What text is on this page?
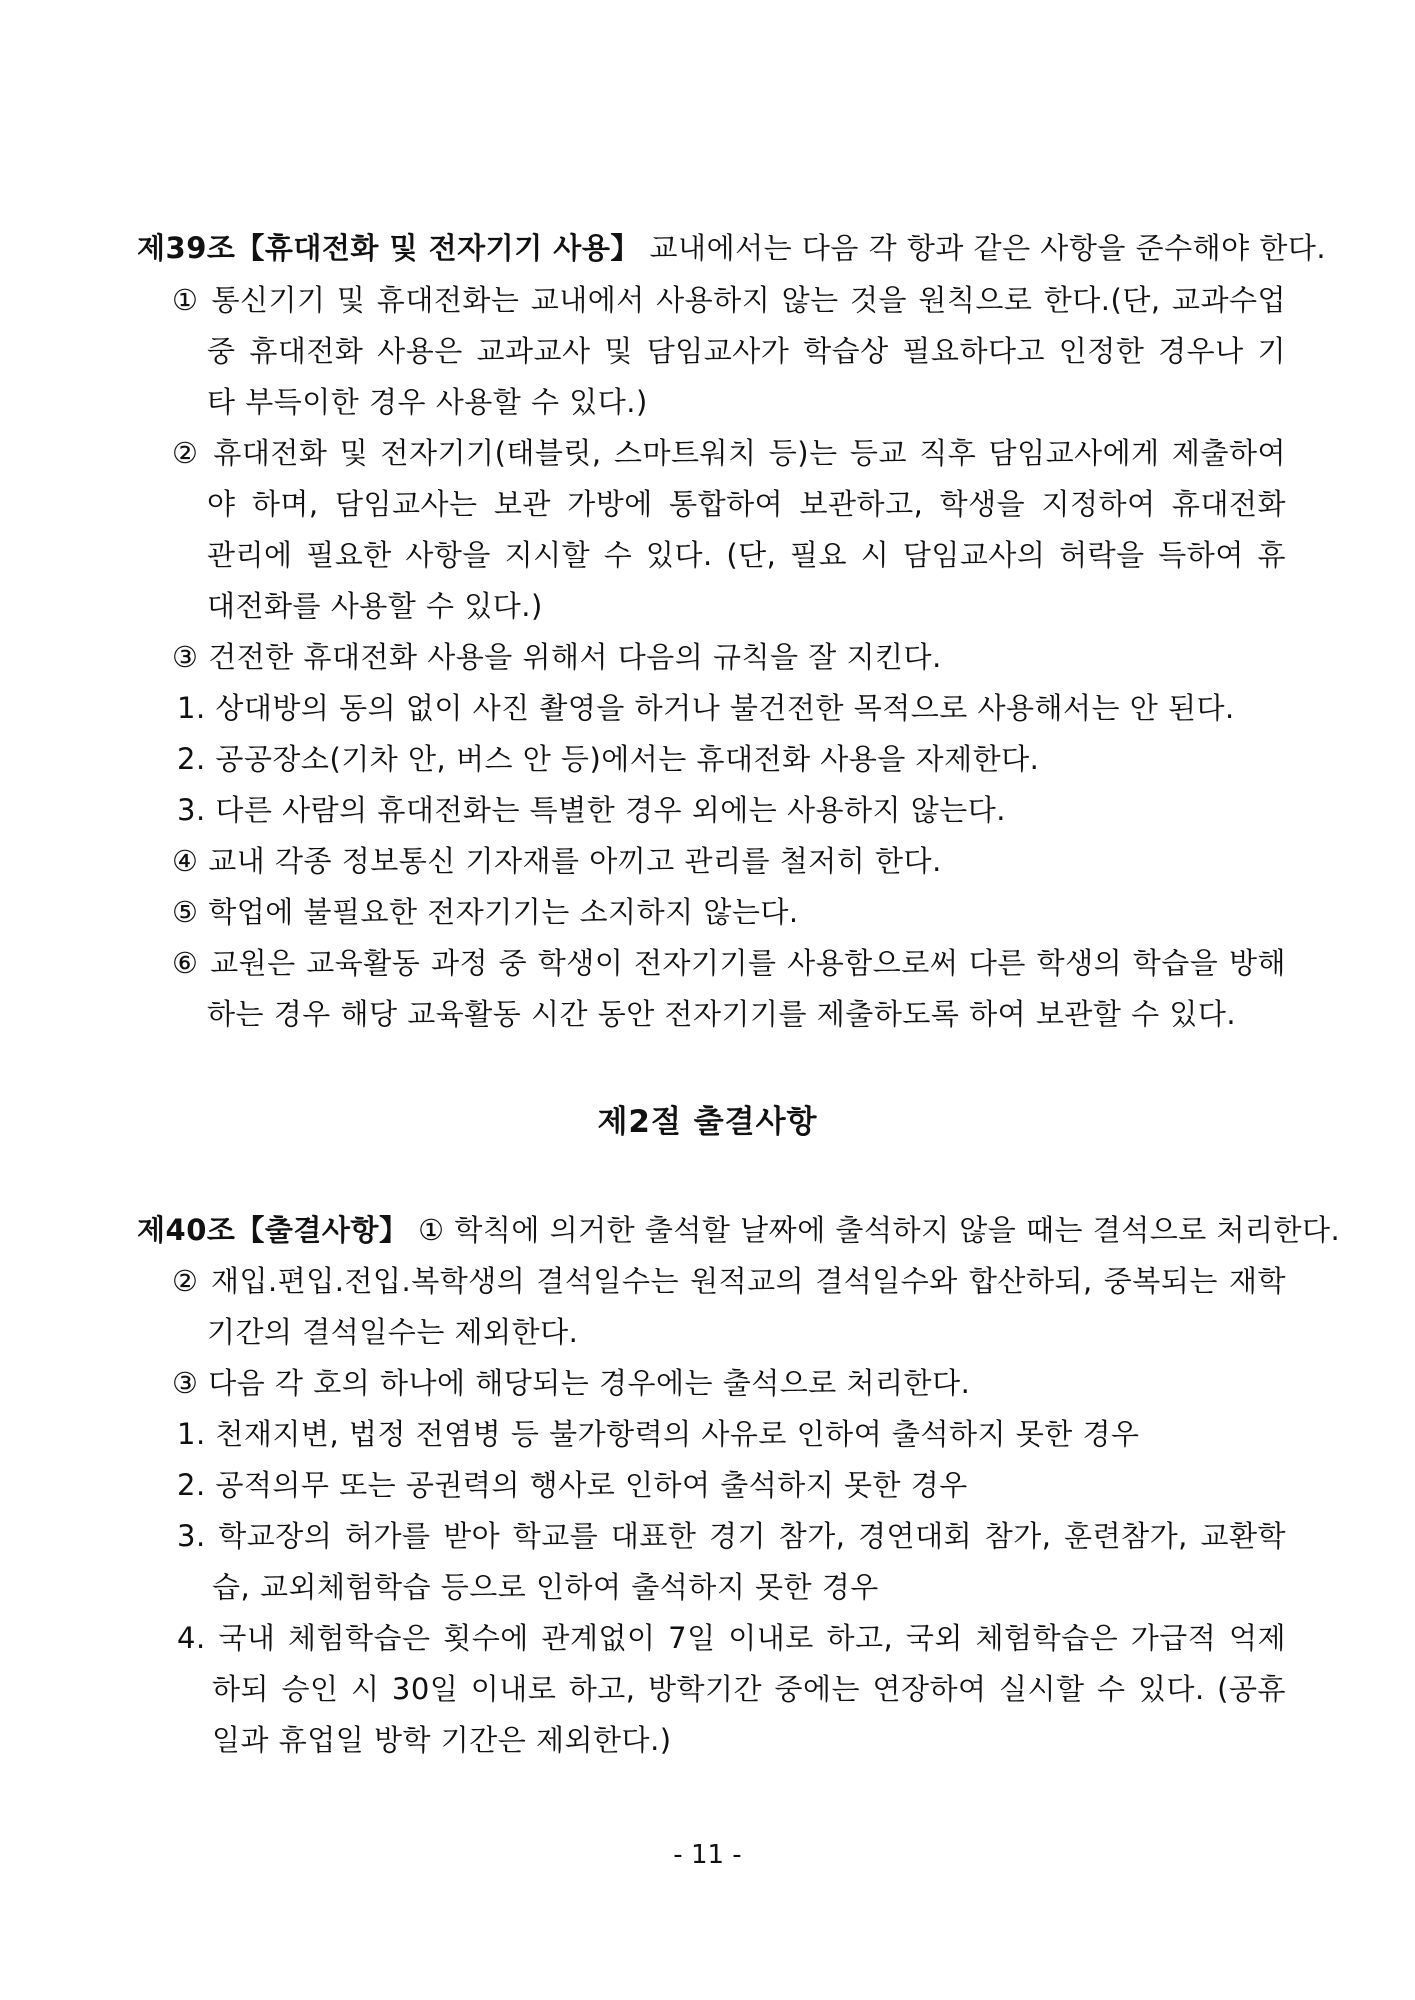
제39조【휴대전화 및 전자기기 사용】 교내에서는 다음 각 항과 같은 사항을 준수해야 한다.
① 통신기기 및 휴대전화는 교내에서 사용하지 않는 것을 원칙으로 한다.(단, 교과수업
중 휴대전화 사용은 교과교사 및 담임교사가 학습상 필요하다고 인정한 경우나 기
타 부득이한 경우 사용할 수 있다.)
② 휴대전화 및 전자기기(태블릿, 스마트워치 등)는 등교 직후 담임교사에게 제출하여
야 하며, 담임교사는 보관 가방에 통합하여 보관하고, 학생을 지정하여 휴대전화
관리에 필요한 사항을 지시할 수 있다. (단, 필요 시 담임교사의 허락을 득하여 휴
대전화를 사용할 수 있다.)
③ 건전한 휴대전화 사용을 위해서 다음의 규칙을 잘 지킨다.
1. 상대방의 동의 없이 사진 촬영을 하거나 불건전한 목적으로 사용해서는 안 된다.
2. 공공장소(기차 안, 버스 안 등)에서는 휴대전화 사용을 자제한다.
3. 다른 사람의 휴대전화는 특별한 경우 외에는 사용하지 않는다.
④ 교내 각종 정보통신 기자재를 아끼고 관리를 철저히 한다.
⑤ 학업에 불필요한 전자기기는 소지하지 않는다.
⑥ 교원은 교육활동 과정 중 학생이 전자기기를 사용함으로써 다른 학생의 학습을 방해
하는 경우 해당 교육활동 시간 동안 전자기기를 제출하도록 하여 보관할 수 있다.
제2절 출결사항
제40조【출결사항】 ① 학칙에 의거한 출석할 날짜에 출석하지 않을 때는 결석으로 처리한다.
② 재입.편입.전입.복학생의 결석일수는 원적교의 결석일수와 합산하되, 중복되는 재학
기간의 결석일수는 제외한다.
③ 다음 각 호의 하나에 해당되는 경우에는 출석으로 처리한다.
1. 천재지변, 법정 전염병 등 불가항력의 사유로 인하여 출석하지 못한 경우
2. 공적의무 또는 공권력의 행사로 인하여 출석하지 못한 경우
3. 학교장의 허가를 받아 학교를 대표한 경기 참가, 경연대회 참가, 훈련참가, 교환학
습, 교외체험학습 등으로 인하여 출석하지 못한 경우
4. 국내 체험학습은 횟수에 관계없이 7일 이내로 하고, 국외 체험학습은 가급적 억제
하되 승인 시 30일 이내로 하고, 방학기간 중에는 연장하여 실시할 수 있다. (공휴
일과 휴업일 방학 기간은 제외한다.)
- 11 -
